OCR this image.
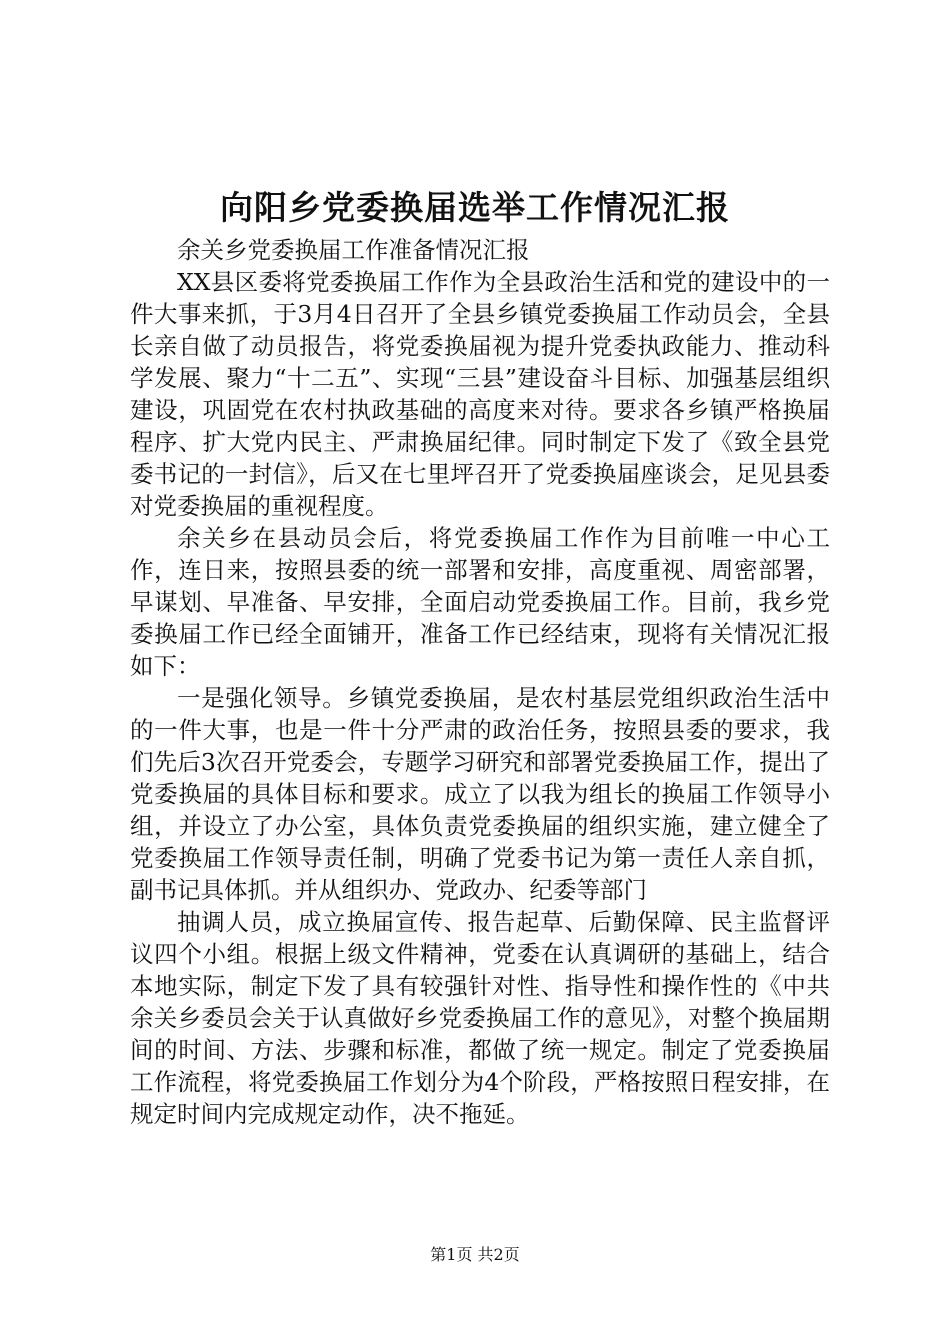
向阳乡党委换届选举工作情况汇报

余关乡党委换届工作准备情况汇报

XX县区委将党委换届工作作为全县政治生活和党的建设中的一件大事来抓，于3月4日召开了全县乡镇党委换届工作动员会，全县长亲自做了动员报告，将党委换届视为提升党委执政能力、推动科学发展、聚力“十二五”、实现“三县”建设奋斗目标、加强基层组织建设，巩固党在农村执政基础的高度来对待。要求各乡镇严格换届程序、扩大党内民主、严肃换届纪律。同时制定下发了《致全县党委书记的一封信》，后又在七里坪召开了党委换届座谈会，足见县委对党委换届的重视程度。

余关乡在县动员会后，将党委换届工作作为目前唯一中心工作，连日来，按照县委的统一部署和安排，高度重视、周密部署，早谋划、早准备、早安排，全面启动党委换届工作。目前，我乡党委换届工作已经全面铺开，准备工作已经结束，现将有关情况汇报如下：

一是强化领导。乡镇党委换届，是农村基层党组织政治生活中的一件大事，也是一件十分严肃的政治任务，按照县委的要求，我们先后3次召开党委会，专题学习研究和部署党委换届工作，提出了党委换届的具体目标和要求。成立了以我为组长的换届工作领导小组，并设立了办公室，具体负责党委换届的组织实施，建立健全了党委换届工作领导责任制，明确了党委书记为第一责任人亲自抓，副书记具体抓。并从组织办、党政办、纪委等部门

抽调人员，成立换届宣传、报告起草、后勤保障、民主监督评议四个小组。根据上级文件精神，党委在认真调研的基础上，结合本地实际，制定下发了具有较强针对性、指导性和操作性的《中共余关乡委员会关于认真做好乡党委换届工作的意见》，对整个换届期间的时间、方法、步骤和标准，都做了统一规定。制定了党委换届工作流程，将党委换届工作划分为4个阶段，严格按照日程安排，在规定时间内完成规定动作，决不拖延。

第1页 共2页
